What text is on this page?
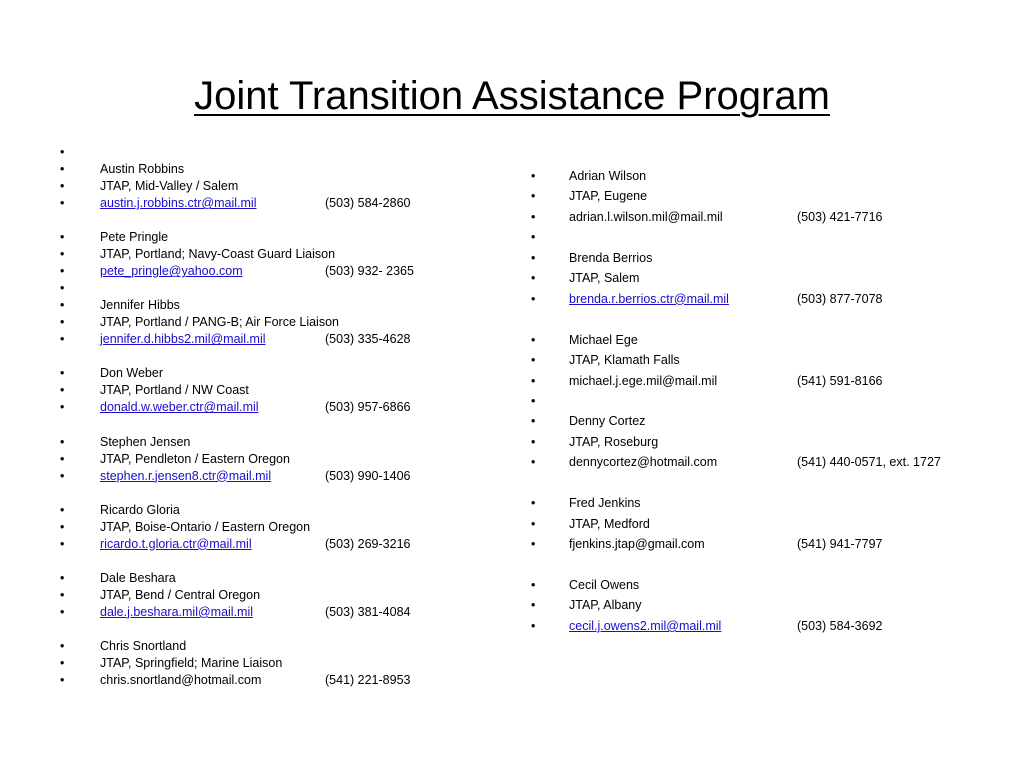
Joint Transition Assistance Program
•
•	Austin Robbins
•	JTAP, Mid-Valley / Salem
•	austin.j.robbins.ctr@mail.mil	(503) 584-2860
•	Pete Pringle
•	JTAP, Portland; Navy-Coast Guard Liaison
•	pete_pringle@yahoo.com	(503) 932- 2365
•
•	Jennifer Hibbs
•	JTAP, Portland / PANG-B; Air Force Liaison
•	jennifer.d.hibbs2.mil@mail.mil	(503) 335-4628
•	Don Weber
•	JTAP, Portland / NW Coast
•	donald.w.weber.ctr@mail.mil	(503) 957-6866
•	Stephen Jensen
•	JTAP, Pendleton / Eastern Oregon
•	stephen.r.jensen8.ctr@mail.mil	(503) 990-1406
•	Ricardo Gloria
•	JTAP, Boise-Ontario / Eastern Oregon
•	ricardo.t.gloria.ctr@mail.mil	(503) 269-3216
•	Dale Beshara
•	JTAP, Bend / Central Oregon
•	dale.j.beshara.mil@mail.mil	(503) 381-4084
•	Chris Snortland
•	JTAP, Springfield; Marine Liaison
•	chris.snortland@hotmail.com	(541) 221-8953
•	Adrian Wilson
•	JTAP, Eugene
•	adrian.l.wilson.mil@mail.mil	(503) 421-7716
•
•	Brenda Berrios
•	JTAP, Salem
•	brenda.r.berrios.ctr@mail.mil	(503) 877-7078
•	Michael Ege
•	JTAP, Klamath Falls
•	michael.j.ege.mil@mail.mil	(541) 591-8166
•
•	Denny Cortez
•	JTAP, Roseburg
•	dennycortez@hotmail.com	(541) 440-0571, ext. 1727
•	Fred Jenkins
•	JTAP, Medford
•	fjenkins.jtap@gmail.com	(541) 941-7797
•	Cecil Owens
•	JTAP, Albany
•	cecil.j.owens2.mil@mail.mil	(503) 584-3692
